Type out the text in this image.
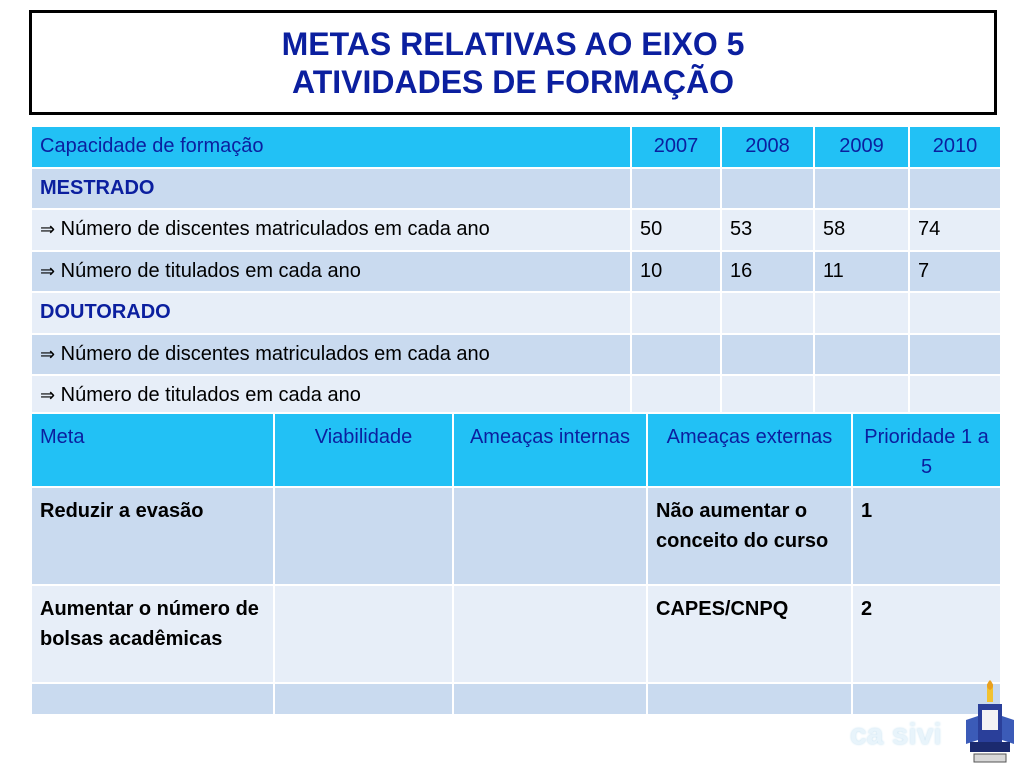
METAS RELATIVAS AO EIXO 5
ATIVIDADES DE FORMAÇÃO
Capacidade de formação	2007	2008	2009	2010
MESTRADO				
⇒ Número de discentes matriculados em cada ano	50	53	58	74
⇒ Número de titulados em cada ano	10	16	11	7
DOUTORADO				
⇒ Número de discentes matriculados em cada ano				
⇒ Número de titulados em cada ano				
Meta	Viabilidade	Ameaças internas	Ameaças externas	Prioridade 1 a 5
Reduzir a evasão			Não aumentar o conceito do curso	1
Aumentar o número de bolsas acadêmicas			CAPES/CNPQ	2

ca sivi
